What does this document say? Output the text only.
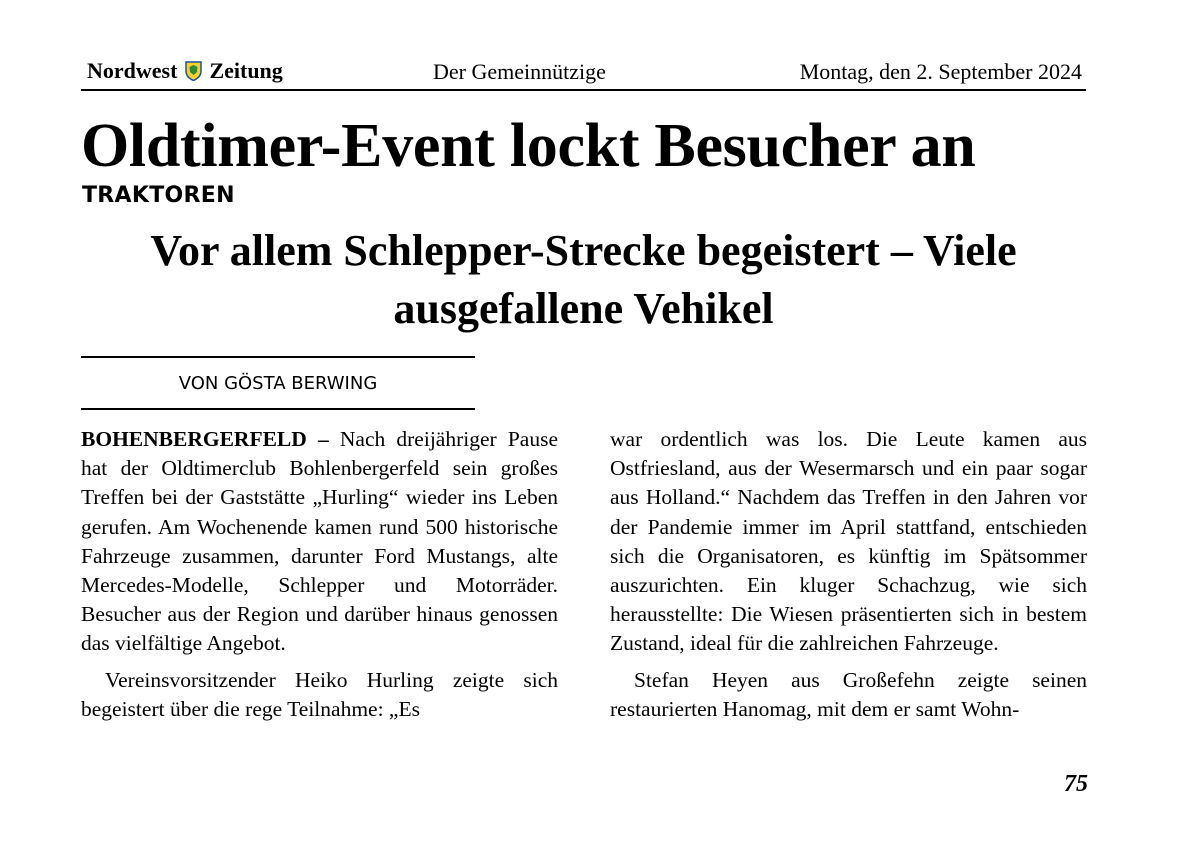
Nordwest Zeitung	Der Gemeinnützige	Montag, den 2. September 2024
Oldtimer-Event lockt Besucher an
TRAKTOREN
Vor allem Schlepper-Strecke begeistert – Viele ausgefallene Vehikel
VON GÖSTA BERWING

BOHENBERGERFELD – Nach dreijähriger Pause hat der Oldtimerclub Bohlenbergerfeld sein großes Treffen bei der Gaststätte „Hurling“ wieder ins Leben gerufen. Am Wochenende kamen rund 500 historische Fahrzeuge zusammen, darunter Ford Mustangs, alte Mercedes-Modelle, Schlepper und Motorräder. Besucher aus der Region und darüber hinaus genossen das vielfältige Angebot.

Vereinsvorsitzender Heiko Hurling zeigte sich begeistert über die rege Teilnahme: „Es

war ordentlich was los. Die Leute kamen aus Ostfriesland, aus der Wesermarsch und ein paar sogar aus Holland.“ Nachdem das Treffen in den Jahren vor der Pandemie immer im April stattfand, entschieden sich die Organisatoren, es künftig im Spätsommer auszurichten. Ein kluger Schachzug, wie sich herausstellte: Die Wiesen präsentierten sich in bestem Zustand, ideal für die zahlreichen Fahrzeuge.

Stefan Heyen aus Großefehn zeigte seinen restaurierten Hanomag, mit dem er samt Wohn-

75
